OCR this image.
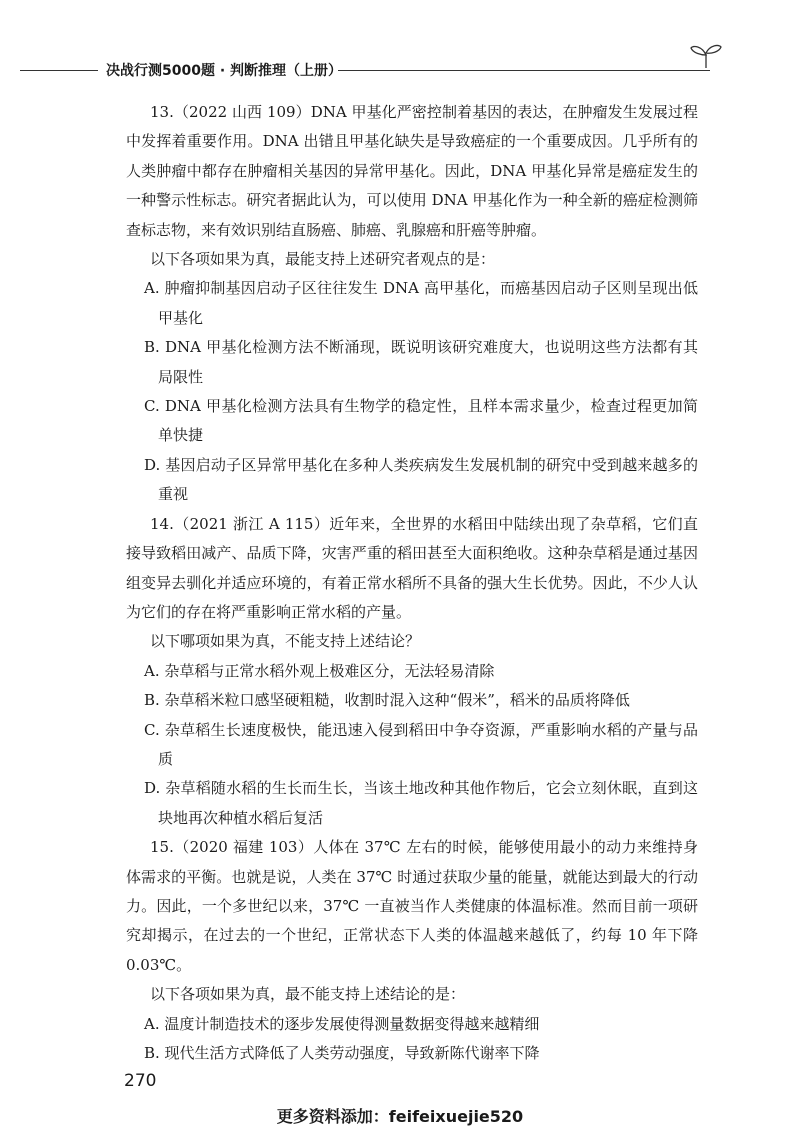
决战行测5000题 · 判断推理（上册）

13.（2022 山西 109）DNA 甲基化严密控制着基因的表达，在肿瘤发生发展过程中发挥着重要作用。DNA 出错且甲基化缺失是导致癌症的一个重要成因。几乎所有的人类肿瘤中都存在肿瘤相关基因的异常甲基化。因此，DNA 甲基化异常是癌症发生的一种警示性标志。研究者据此认为，可以使用 DNA 甲基化作为一种全新的癌症检测筛查标志物，来有效识别结直肠癌、肺癌、乳腺癌和肝癌等肿瘤。

以下各项如果为真，最能支持上述研究者观点的是：

A. 肿瘤抑制基因启动子区往往发生 DNA 高甲基化，而癌基因启动子区则呈现出低甲基化

B. DNA 甲基化检测方法不断涌现，既说明该研究难度大，也说明这些方法都有其局限性

C. DNA 甲基化检测方法具有生物学的稳定性，且样本需求量少，检查过程更加简单快捷

D. 基因启动子区异常甲基化在多种人类疾病发生发展机制的研究中受到越来越多的重视

14.（2021 浙江 A 115）近年来，全世界的水稻田中陆续出现了杂草稻，它们直接导致稻田减产、品质下降，灾害严重的稻田甚至大面积绝收。这种杂草稻是通过基因组变异去驯化并适应环境的，有着正常水稻所不具备的强大生长优势。因此，不少人认为它们的存在将严重影响正常水稻的产量。

以下哪项如果为真，不能支持上述结论？

A. 杂草稻与正常水稻外观上极难区分，无法轻易清除

B. 杂草稻米粒口感坚硬粗糙，收割时混入这种“假米”，稻米的品质将降低

C. 杂草稻生长速度极快，能迅速入侵到稻田中争夺资源，严重影响水稻的产量与品质

D. 杂草稻随水稻的生长而生长，当该土地改种其他作物后，它会立刻休眠，直到这块地再次种植水稻后复活

15.（2020 福建 103）人体在 37℃ 左右的时候，能够使用最小的动力来维持身体需求的平衡。也就是说，人类在 37℃ 时通过获取少量的能量，就能达到最大的行动力。因此，一个多世纪以来，37℃ 一直被当作人类健康的体温标准。然而目前一项研究却揭示，在过去的一个世纪，正常状态下人类的体温越来越低了，约每 10 年下降 0.03℃。

以下各项如果为真，最不能支持上述结论的是：

A. 温度计制造技术的逐步发展使得测量数据变得越来越精细

B. 现代生活方式降低了人类劳动强度，导致新陈代谢率下降

270
更多资料添加：feifeixuejie520
